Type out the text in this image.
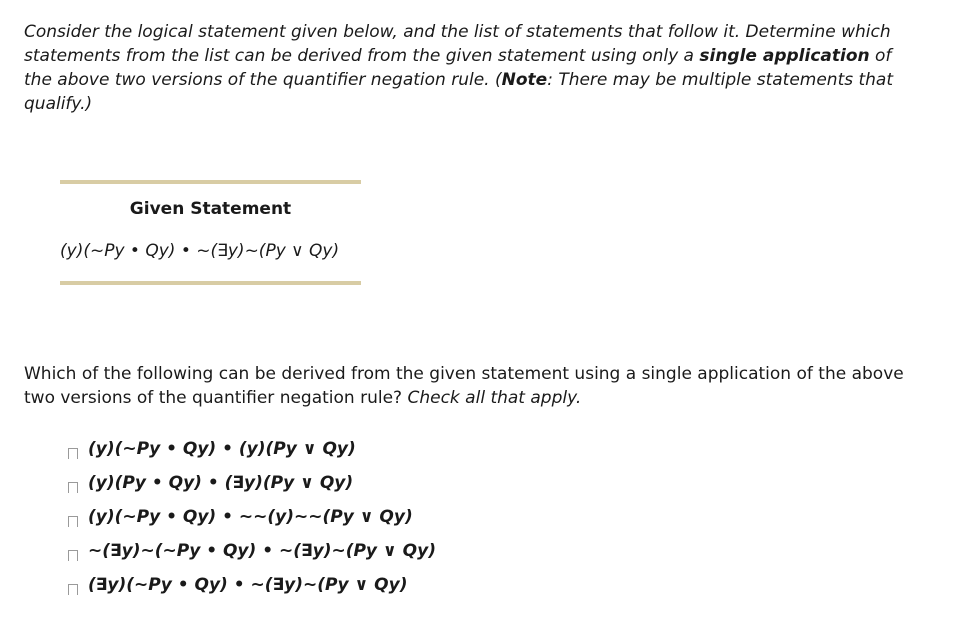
Consider the logical statement given below, and the list of statements that follow it. Determine which statements from the list can be derived from the given statement using only a single application of the above two versions of the quantifier negation rule. (Note: There may be multiple statements that qualify.)

Given Statement
(y)(~Py • Qy) • ~(∃y)~(Py ∨ Qy)

Which of the following can be derived from the given statement using a single application of the above two versions of the quantifier negation rule? Check all that apply.

(y)(~Py • Qy) • (y)(Py ∨ Qy)
(y)(Py • Qy) • (∃y)(Py ∨ Qy)
(y)(~Py • Qy) • ~~(y)~~(Py ∨ Qy)
~(∃y)~(~Py • Qy) • ~(∃y)~(Py ∨ Qy)
(∃y)(~Py • Qy) • ~(∃y)~(Py ∨ Qy)
